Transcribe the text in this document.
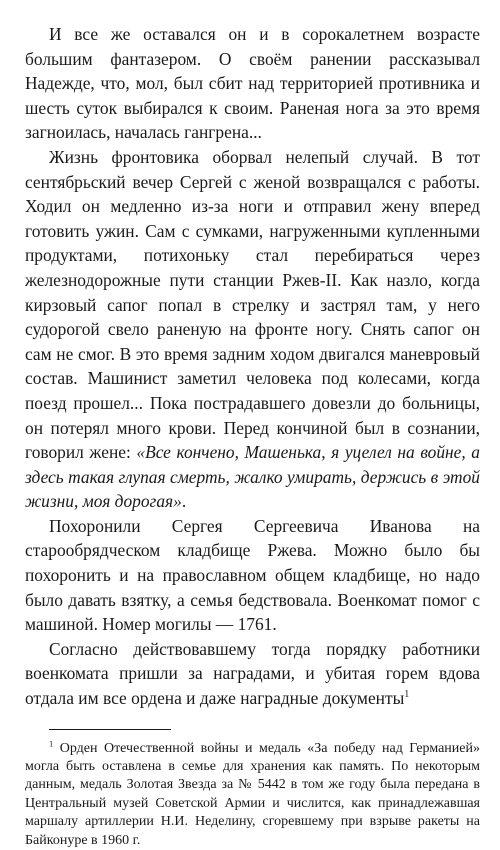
И все же оставался он и в сорокалетнем возрасте большим фантазером. О своём ранении рассказывал Надежде, что, мол, был сбит над территорией противника и шесть суток выбирался к своим. Раненая нога за это время загноилась, началась гангрена...

Жизнь фронтовика оборвал нелепый случай. В тот сентябрьский вечер Сергей с женой возвращался с работы. Ходил он медленно из-за ноги и отправил жену вперед готовить ужин. Сам с сумками, нагруженными купленными продуктами, потихоньку стал перебираться через железнодорожные пути станции Ржев-II. Как назло, когда кирзовый сапог попал в стрелку и застрял там, у него судорогой свело раненую на фронте ногу. Снять сапог он сам не смог. В это время задним ходом двигался маневровый состав. Машинист заметил человека под колесами, когда поезд прошел... Пока пострадавшего довезли до больницы, он потерял много крови. Перед кончиной был в сознании, говорил жене: «Все кончено, Машенька, я уцелел на войне, а здесь такая глупая смерть, жалко умирать, держись в этой жизни, моя дорогая».

Похоронили Сергея Сергеевича Иванова на старообрядческом кладбище Ржева. Можно было бы похоронить и на православном общем кладбище, но надо было давать взятку, а семья бедствовала. Военкомат помог с машиной. Номер могилы — 1761.

Согласно действовавшему тогда порядку работники военкомата пришли за наградами, и убитая горем вдова отдала им все ордена и даже наградные документы$^1$

$^1$ Орден Отечественной войны и медаль «За победу над Германией» могла быть оставлена в семье для хранения как память. По некоторым данным, медаль Золотая Звезда за № 5442 в том же году была передана в Центральный музей Советской Армии и числится, как принадлежавшая маршалу артиллерии Н.И. Неделину, сгоревшему при взрыве ракеты на Байконуре в 1960 г.
